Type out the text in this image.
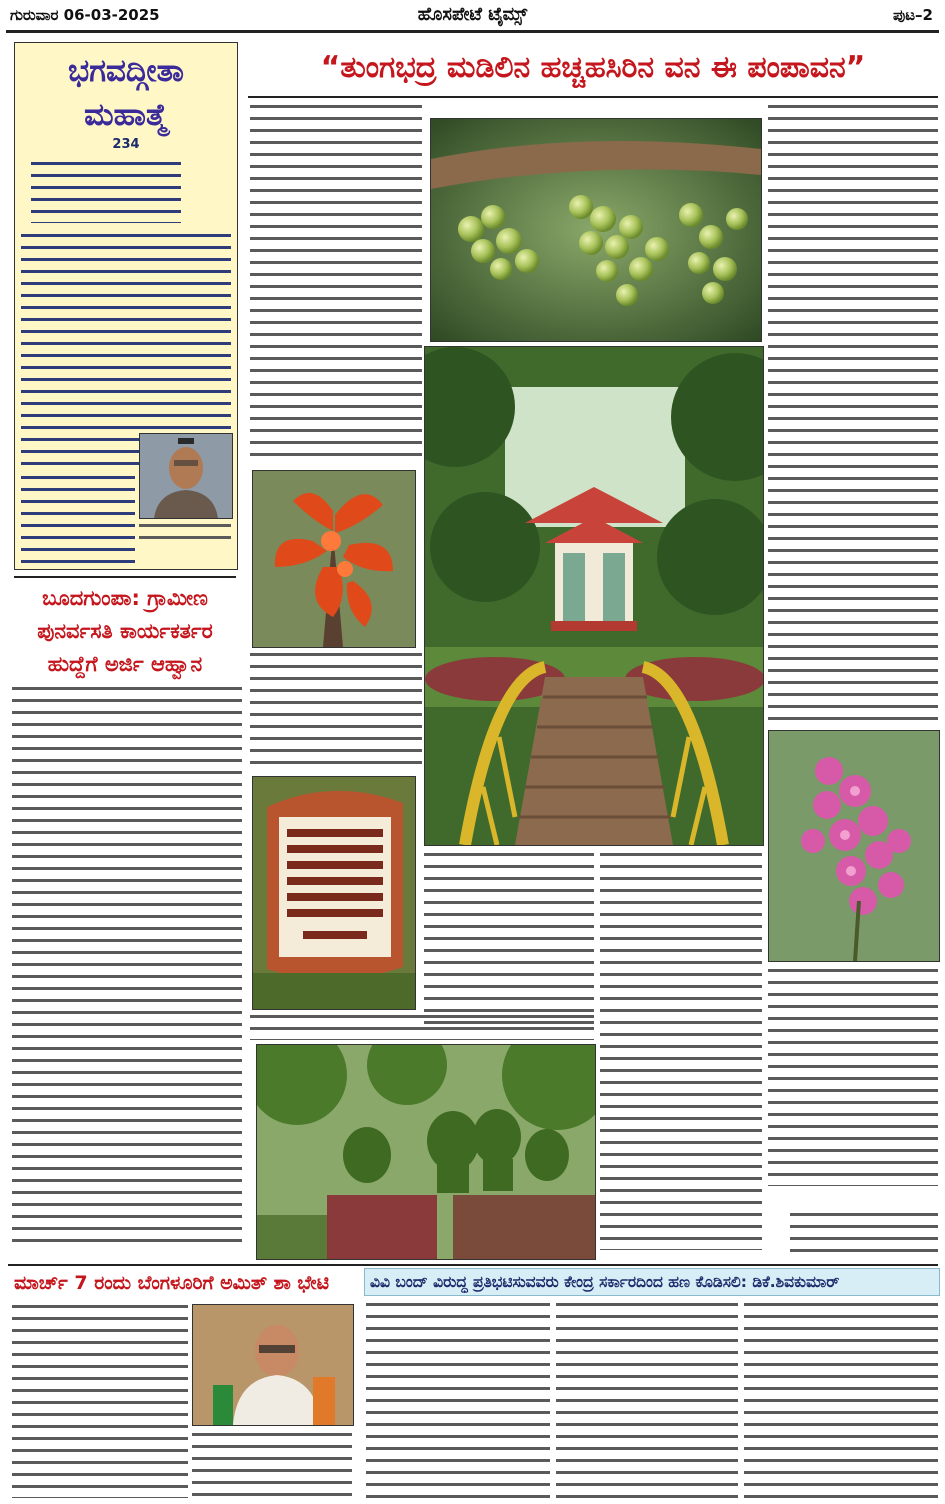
ಗುರುವಾರ 06-03-2025	ಹೊಸಪೇಟೆ ಟೈಮ್ಸ್	ಪುಟ–2
ಭಗವದ್ಗೀತಾ ಮಹಾತ್ಮೆ
234
ಬೂದಗುಂಪಾ: ಗ್ರಾಮೀಣ ಪುನರ್ವಸತಿ ಕಾರ್ಯಕರ್ತರ ಹುದ್ದೆಗೆ ಅರ್ಜಿ ಆಹ್ವಾನ
“ತುಂಗಭದ್ರ ಮಡಿಲಿನ ಹಚ್ಚಹಸಿರಿನ ವನ ಈ ಪಂಪಾವನ”
ಮಾರ್ಚ್ 7 ರಂದು ಬೆಂಗಳೂರಿಗೆ ಅಮಿತ್ ಶಾ ಭೇಟಿ	ವಿವಿ ಬಂದ್ ವಿರುದ್ಧ ಪ್ರತಿಭಟಿಸುವವರು ಕೇಂದ್ರ ಸರ್ಕಾರದಿಂದ ಹಣ ಕೊಡಿಸಲಿ: ಡಿಕೆ.ಶಿವಕುಮಾರ್
